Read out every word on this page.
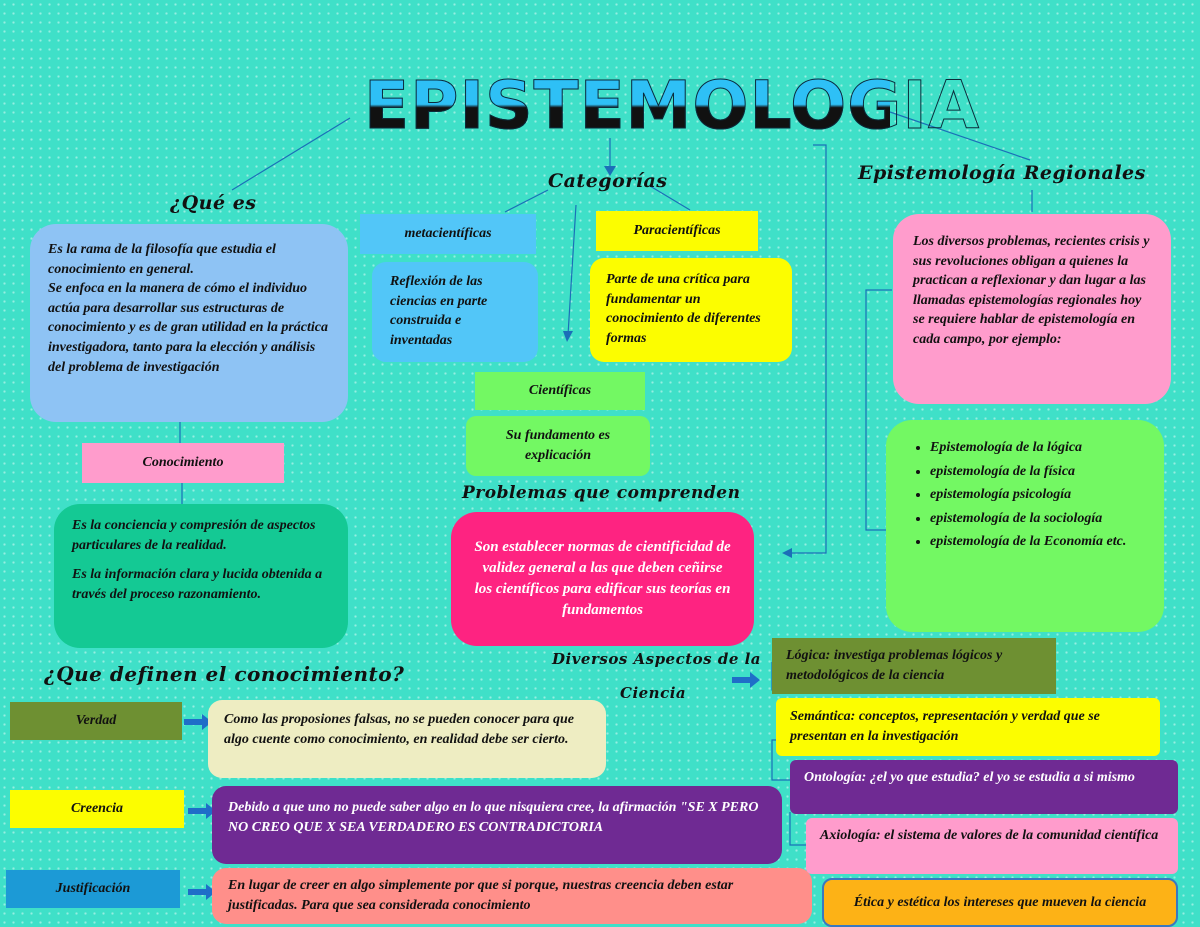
EPISTEMOLOGIA
¿Qué es
Categorías	Epistemología Regionales
Problemas que comprenden
Diversos Aspectos de la
Ciencia
¿Que definen el conocimiento?
Es la rama de la filosofía que estudia el conocimiento en general.
Se enfoca en la manera de cómo el individuo actúa para desarrollar sus estructuras de conocimiento y es de gran utilidad en la práctica investigadora, tanto para la elección y análisis del problema de investigación
Conocimiento

Es la conciencia y compresión de aspectos particulares de la realidad.

Es la información clara y lucida obtenida a través del proceso razonamiento.

metacientíficas
Reflexión de las ciencias en parte construida e inventadas
Paracientíficas
Parte de una crítica para fundamentar un conocimiento de diferentes formas
Científicas
Su fundamento es explicación
Son establecer normas de cientificidad de validez general a las que deben ceñirse los científicos para edificar sus teorías en fundamentos
Los diversos problemas, recientes crisis y sus revoluciones obligan a quienes la practican a reflexionar y dan lugar a las llamadas epistemologías regionales hoy se requiere hablar de epistemología en cada campo, por ejemplo:
• Epistemología de la lógica
• epistemología de la física
• epistemología psicología
• epistemología de la sociología
• epistemología de la Economía etc.
Verdad	Como las proposiones falsas, no se pueden conocer para que algo cuente como conocimiento, en realidad debe ser cierto.
Creencia	Debido a que uno no puede saber algo en lo que nisquiera cree, la afirmación "SE X PERO NO CREO QUE X SEA VERDADERO ES CONTRADICTORIA
Justificación	En lugar de creer en algo simplemente por que si porque, nuestras creencia deben estar justificadas. Para que sea considerada conocimiento
Lógica: investiga problemas lógicos y metodológicos de la ciencia
Semántica: conceptos, representación y verdad que se presentan en la investigación
Ontología: ¿el yo que estudia? el yo se estudia a si mismo
Axiología: el sistema de valores de la comunidad científica
Ética y estética los intereses que mueven la ciencia
